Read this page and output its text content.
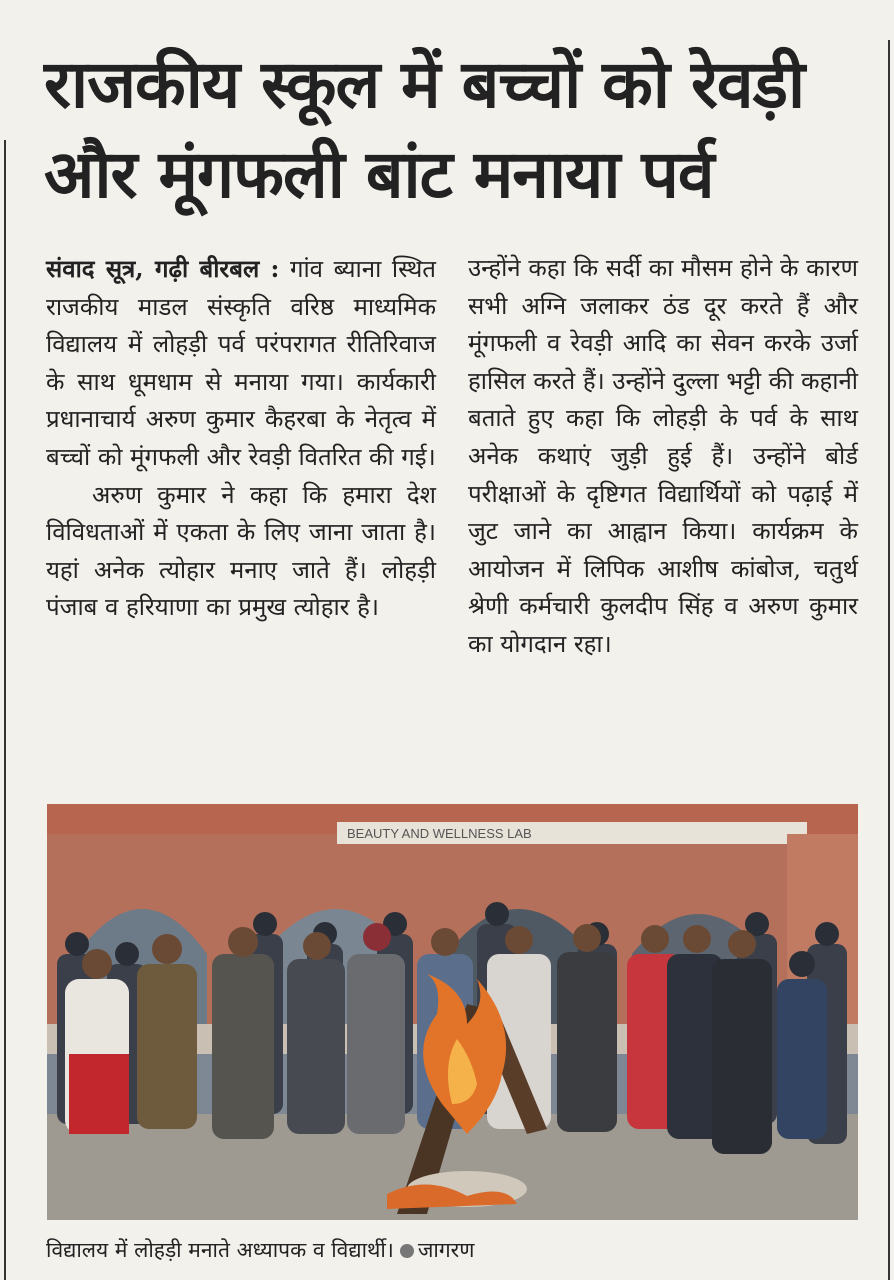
राजकीय स्कूल में बच्चों को रेवड़ी
और मूंगफली बांट मनाया पर्व

संवाद सूत्र, गढ़ी बीरबल : गांव ब्याना स्थित राजकीय माडल संस्कृति वरिष्ठ माध्यमिक विद्यालय में लोहड़ी पर्व परंपरागत रीतिरिवाज के साथ धूमधाम से मनाया गया। कार्यकारी प्रधानाचार्य अरुण कुमार कैहरबा के नेतृत्व में बच्चों को मूंगफली और रेवड़ी वितरित की गई।

अरुण कुमार ने कहा कि हमारा देश विविधताओं में एकता के लिए जाना जाता है। यहां अनेक त्योहार मनाए जाते हैं। लोहड़ी पंजाब व हरियाणा का प्रमुख त्योहार है।

उन्होंने कहा कि सर्दी का मौसम होने के कारण सभी अग्नि जलाकर ठंड दूर करते हैं और मूंगफली व रेवड़ी आदि का सेवन करके उर्जा हासिल करते हैं। उन्होंने दुल्ला भट्टी की कहानी बताते हुए कहा कि लोहड़ी के पर्व के साथ अनेक कथाएं जुड़ी हुई हैं। उन्होंने बोर्ड परीक्षाओं के दृष्टिगत विद्यार्थियों को पढ़ाई में जुट जाने का आह्वान किया। कार्यक्रम के आयोजन में लिपिक आशीष कांबोज, चतुर्थ श्रेणी कर्मचारी कुलदीप सिंह व अरुण कुमार का योगदान रहा।

BEAUTY AND WELLNESS LAB
विद्यालय में लोहड़ी मनाते अध्यापक व विद्यार्थी। जागरण
